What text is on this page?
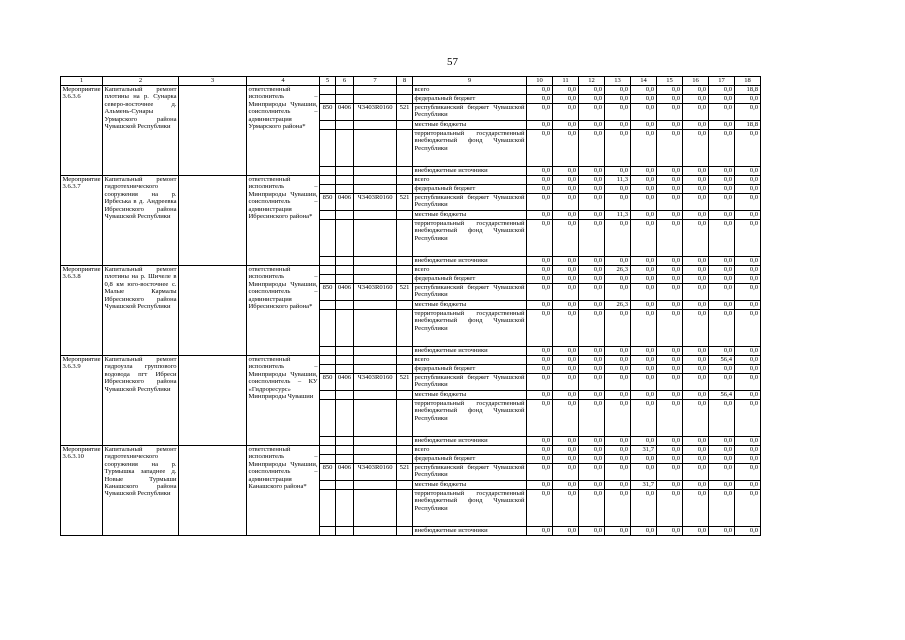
57
1	2	3	4	5	6	7	8	9	10	11	12	13	14	15	16	17	18
Мероприятие 3.6.3.6	Капитальный ремонт плотины на р. Сунарка северо-восточнее д. Альмень-Сунары Урмарского района Чувашской Республики		ответственный исполнитель – Минприроды Чувашии, соисполнитель – администрация Урмарского района*					всего	0,0	0,0	0,0	0,0	0,0	0,0	0,0	0,0	18,8
								федеральный бюджет	0,0	0,0	0,0	0,0	0,0	0,0	0,0	0,0	0,0
				850	0406	Ч3403R0160	521	республиканский бюджет Чувашской Республики	0,0	0,0	0,0	0,0	0,0	0,0	0,0	0,0	0,0
								местные бюджеты	0,0	0,0	0,0	0,0	0,0	0,0	0,0	0,0	18,8
								территориальный государственный внебюджетный фонд Чувашской Республики	0,0	0,0	0,0	0,0	0,0	0,0	0,0	0,0	0,0
								внебюджетные источники	0,0	0,0	0,0	0,0	0,0	0,0	0,0	0,0	0,0
Мероприятие 3.6.3.7	Капитальный ремонт гидротехнического сооружения на р. Ирбеська в д. Андреевка Ибресинского района Чувашской Республики		ответственный исполнитель – Минприроды Чувашии, соисполнитель – администрация Ибресинского района*					всего	0,0	0,0	0,0	11,3	0,0	0,0	0,0	0,0	0,0
								федеральный бюджет	0,0	0,0	0,0	0,0	0,0	0,0	0,0	0,0	0,0
				850	0406	Ч3403R0160	521	республиканский бюджет Чувашской Республики	0,0	0,0	0,0	0,0	0,0	0,0	0,0	0,0	0,0
								местные бюджеты	0,0	0,0	0,0	11,3	0,0	0,0	0,0	0,0	0,0
								территориальный государственный внебюджетный фонд Чувашской Республики	0,0	0,0	0,0	0,0	0,0	0,0	0,0	0,0	0,0
								внебюджетные источники	0,0	0,0	0,0	0,0	0,0	0,0	0,0	0,0	0,0
Мероприятие 3.6.3.8	Капитальный ремонт плотины на р. Шичеле в 0,8 км юго-восточнее с. Малые Кармалы Ибресинского района Чувашской Республики		ответственный исполнитель – Минприроды Чувашии, соисполнитель – администрация Ибресинского района*					всего	0,0	0,0	0,0	26,3	0,0	0,0	0,0	0,0	0,0
								федеральный бюджет	0,0	0,0	0,0	0,0	0,0	0,0	0,0	0,0	0,0
				850	0406	Ч3403R0160	521	республиканский бюджет Чувашской Республики	0,0	0,0	0,0	0,0	0,0	0,0	0,0	0,0	0,0
								местные бюджеты	0,0	0,0	0,0	26,3	0,0	0,0	0,0	0,0	0,0
								территориальный государственный внебюджетный фонд Чувашской Республики	0,0	0,0	0,0	0,0	0,0	0,0	0,0	0,0	0,0
								внебюджетные источники	0,0	0,0	0,0	0,0	0,0	0,0	0,0	0,0	0,0
Мероприятие 3.6.3.9	Капитальный ремонт гидроузла группового водовода пгт Ибреси Ибресинского района Чувашской Республики		ответственный исполнитель – Минприроды Чувашии, соисполнитель – КУ «Гидроресурс» Минприроды Чувашии					всего	0,0	0,0	0,0	0,0	0,0	0,0	0,0	56,4	0,0
								федеральный бюджет	0,0	0,0	0,0	0,0	0,0	0,0	0,0	0,0	0,0
				850	0406	Ч3403R0160	521	республиканский бюджет Чувашской Республики	0,0	0,0	0,0	0,0	0,0	0,0	0,0	0,0	0,0
								местные бюджеты	0,0	0,0	0,0	0,0	0,0	0,0	0,0	56,4	0,0
								территориальный государственный внебюджетный фонд Чувашской Республики	0,0	0,0	0,0	0,0	0,0	0,0	0,0	0,0	0,0
								внебюджетные источники	0,0	0,0	0,0	0,0	0,0	0,0	0,0	0,0	0,0
Мероприятие 3.6.3.10	Капитальный ремонт гидротехнического сооружения на р. Турмышка западнее д. Новые Турмыши Канашского района Чувашской Республики		ответственный исполнитель – Минприроды Чувашии, соисполнитель – администрация Канашского района*					всего	0,0	0,0	0,0	0,0	31,7	0,0	0,0	0,0	0,0
								федеральный бюджет	0,0	0,0	0,0	0,0	0,0	0,0	0,0	0,0	0,0
				850	0406	Ч3403R0160	521	республиканский бюджет Чувашской Республики	0,0	0,0	0,0	0,0	0,0	0,0	0,0	0,0	0,0
								местные бюджеты	0,0	0,0	0,0	0,0	31,7	0,0	0,0	0,0	0,0
								территориальный государственный внебюджетный фонд Чувашской Республики	0,0	0,0	0,0	0,0	0,0	0,0	0,0	0,0	0,0
								внебюджетные источники	0,0	0,0	0,0	0,0	0,0	0,0	0,0	0,0	0,0
